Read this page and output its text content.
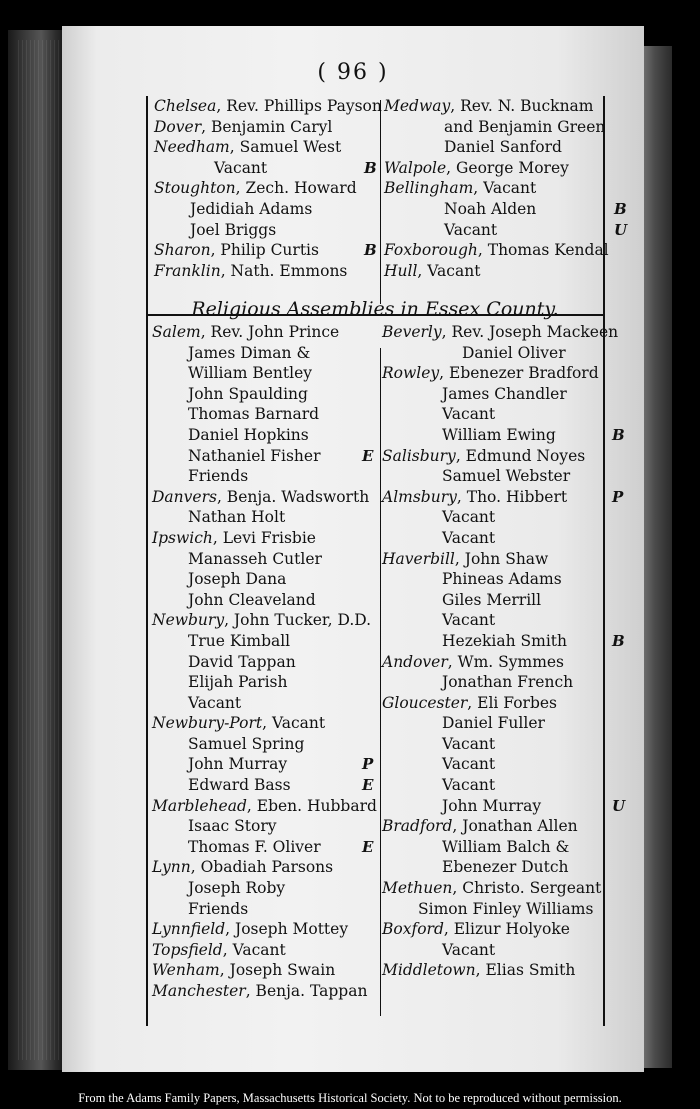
( 96 )
Chelsea, Rev. Phillips Payson
Dover, Benjamin Caryl
Needham, Samuel West
Vacant	B
Stoughton, Zech. Howard
Jedidiah Adams
Joel Briggs
Sharon, Philip Curtis	B
Franklin, Nath. Emmons
Medway, Rev. N. Bucknam
and Benjamin Green
Daniel Sanford
Walpole, George Morey
Bellingham, Vacant
Noah Alden	B
Vacant	U
Foxborough, Thomas Kendal
Hull, Vacant
Religious Assemblies in Essex County.
Salem, Rev. John Prince
James Diman &
William Bentley
John Spaulding
Thomas Barnard
Daniel Hopkins
Nathaniel Fisher	E
Friends
Danvers, Benja. Wadsworth
Nathan Holt
Ipswich, Levi Frisbie
Manasseh Cutler
Joseph Dana
John Cleaveland
Newbury, John Tucker, D.D.
True Kimball
David Tappan
Elijah Parish
Vacant
Newbury-Port, Vacant
Samuel Spring
John Murray	P
Edward Bass	E
Marblehead, Eben. Hubbard
Isaac Story
Thomas F. Oliver	E
Lynn, Obadiah Parsons
Joseph Roby
Friends
Lynnfield, Joseph Mottey
Topsfield, Vacant
Wenham, Joseph Swain
Manchester, Benja. Tappan
Beverly, Rev. Joseph Mackeen
Daniel Oliver
Rowley, Ebenezer Bradford
James Chandler
Vacant
William Ewing	B
Salisbury, Edmund Noyes
Samuel Webster
Almsbury, Tho. Hibbert	P
Vacant
Vacant
Haverbill, John Shaw
Phineas Adams
Giles Merrill
Vacant
Hezekiah Smith	B
Andover, Wm. Symmes
Jonathan French
Gloucester, Eli Forbes
Daniel Fuller
Vacant
Vacant
Vacant
John Murray	U
Bradford, Jonathan Allen
William Balch &
Ebenezer Dutch
Methuen, Christo. Sergeant
Simon Finley Williams
Boxford, Elizur Holyoke
Vacant
Middletown, Elias Smith
From the Adams Family Papers, Massachusetts Historical Society. Not to be reproduced without permission.
